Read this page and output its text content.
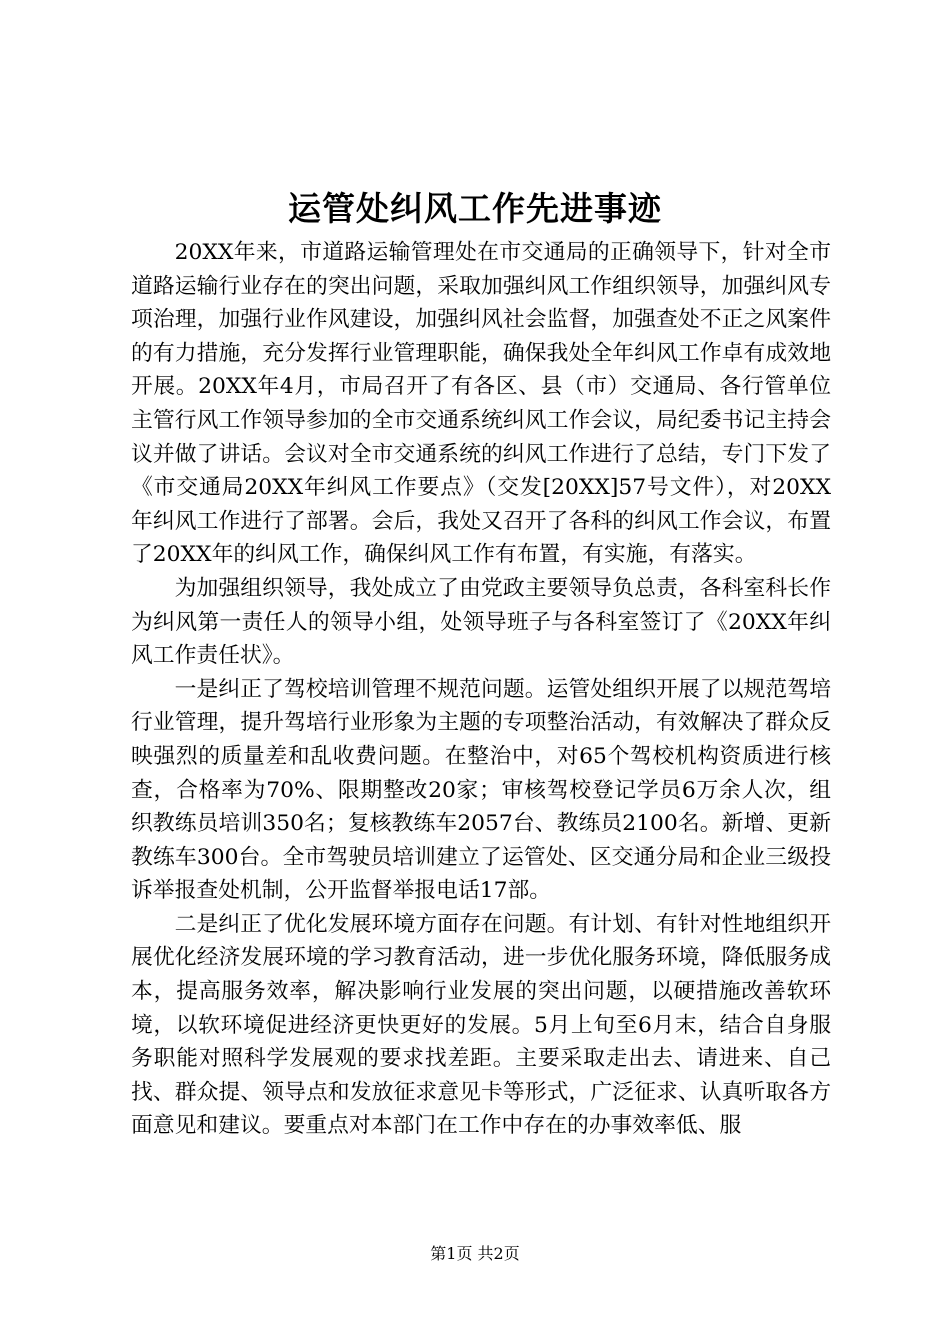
运管处纠风工作先进事迹

20XX年来，市道路运输管理处在市交通局的正确领导下，针对全市道路运输行业存在的突出问题，采取加强纠风工作组织领导，加强纠风专项治理，加强行业作风建设，加强纠风社会监督，加强查处不正之风案件的有力措施，充分发挥行业管理职能，确保我处全年纠风工作卓有成效地开展。20XX年4月，市局召开了有各区、县（市）交通局、各行管单位主管行风工作领导参加的全市交通系统纠风工作会议，局纪委书记主持会议并做了讲话。会议对全市交通系统的纠风工作进行了总结，专门下发了《市交通局20XX年纠风工作要点》（交发[20XX]57号文件），对20XX年纠风工作进行了部署。会后，我处又召开了各科的纠风工作会议，布置了20XX年的纠风工作，确保纠风工作有布置，有实施，有落实。

为加强组织领导，我处成立了由党政主要领导负总责，各科室科长作为纠风第一责任人的领导小组，处领导班子与各科室签订了《20XX年纠风工作责任状》。

一是纠正了驾校培训管理不规范问题。运管处组织开展了以规范驾培行业管理，提升驾培行业形象为主题的专项整治活动，有效解决了群众反映强烈的质量差和乱收费问题。在整治中，对65个驾校机构资质进行核查，合格率为70%、限期整改20家；审核驾校登记学员6万余人次，组织教练员培训350名；复核教练车2057台、教练员2100名。新增、更新教练车300台。全市驾驶员培训建立了运管处、区交通分局和企业三级投诉举报查处机制，公开监督举报电话17部。

二是纠正了优化发展环境方面存在问题。有计划、有针对性地组织开展优化经济发展环境的学习教育活动，进一步优化服务环境，降低服务成本，提高服务效率，解决影响行业发展的突出问题，以硬措施改善软环境，以软环境促进经济更快更好的发展。5月上旬至6月末，结合自身服务职能对照科学发展观的要求找差距。主要采取走出去、请进来、自己找、群众提、领导点和发放征求意见卡等形式，广泛征求、认真听取各方面意见和建议。要重点对本部门在工作中存在的办事效率低、服

第1页 共2页
